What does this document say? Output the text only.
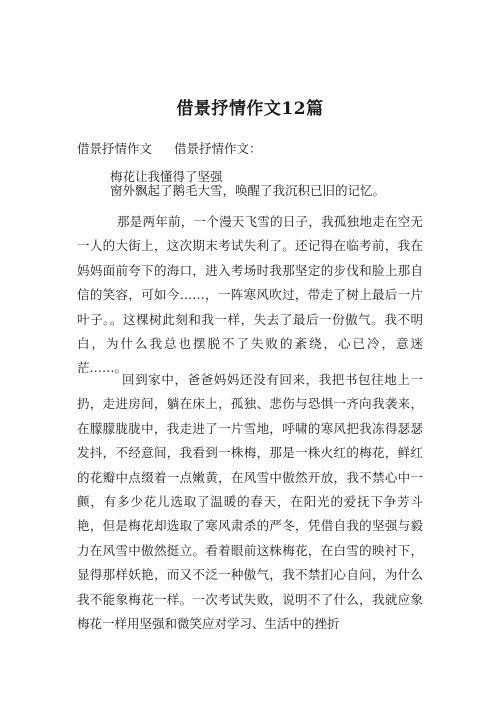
借景抒情作文12篇
借景抒情作文 借景抒情作文：
梅花让我懂得了坚强

窗外飘起了鹅毛大雪，唤醒了我沉积已旧的记忆。

那是两年前，一个漫天飞雪的日子，我孤独地走在空无一人的大街上，这次期末考试失利了。还记得在临考前，我在妈妈面前夸下的海口，进入考场时我那坚定的步伐和脸上那自信的笑容，可如今……，一阵寒风吹过，带走了树上最后一片叶子。。这棵树此刻和我一样，失去了最后一份傲气。我不明白，为什么我总也摆脱不了失败的紊绕，心已冷，意迷茫……。

回到家中，爸爸妈妈还没有回来，我把书包往地上一扔，走进房间，躺在床上，孤独、悲伤与恐惧一齐向我袭来，在朦朦胧胧中，我走进了一片雪地，呼啸的寒风把我冻得瑟瑟发抖，不经意间，我看到一株梅，那是一株火红的梅花，鲜红的花瓣中点缀着一点嫩黄，在风雪中傲然开放，我不禁心中一颤，有多少花儿选取了温暖的春天，在阳光的爱抚下争芳斗艳，但是梅花却选取了寒风肃杀的严冬，凭借自我的坚强与毅力在风雪中傲然挺立。看着眼前这株梅花，在白雪的映衬下，显得那样妖艳，而又不泛一种傲气，我不禁扪心自问，为什么我不能象梅花一样。一次考试失败，说明不了什么，我就应象梅花一样用坚强和微笑应对学习、生活中的挫折
